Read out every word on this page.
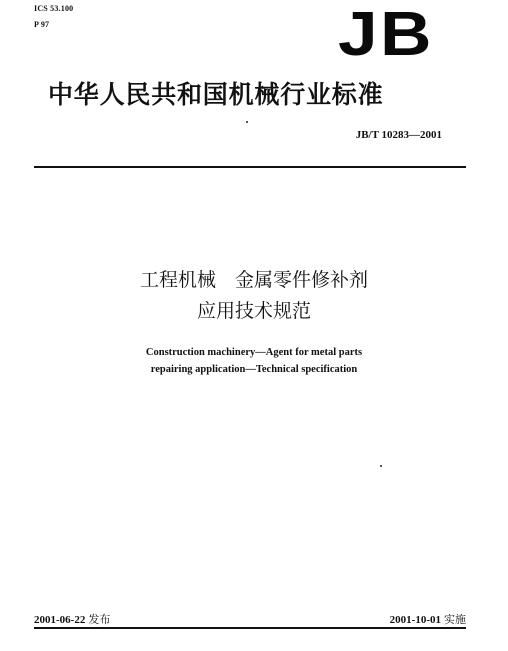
ICS 53.100
P 97	JB
中华人民共和国机械行业标准
JB/T 10283—2001
工程机械　金属零件修补剂
应用技术规范
Construction machinery—Agent for metal parts
repairing application—Technical specification
2001-06-22 发布	2001-10-01 实施
